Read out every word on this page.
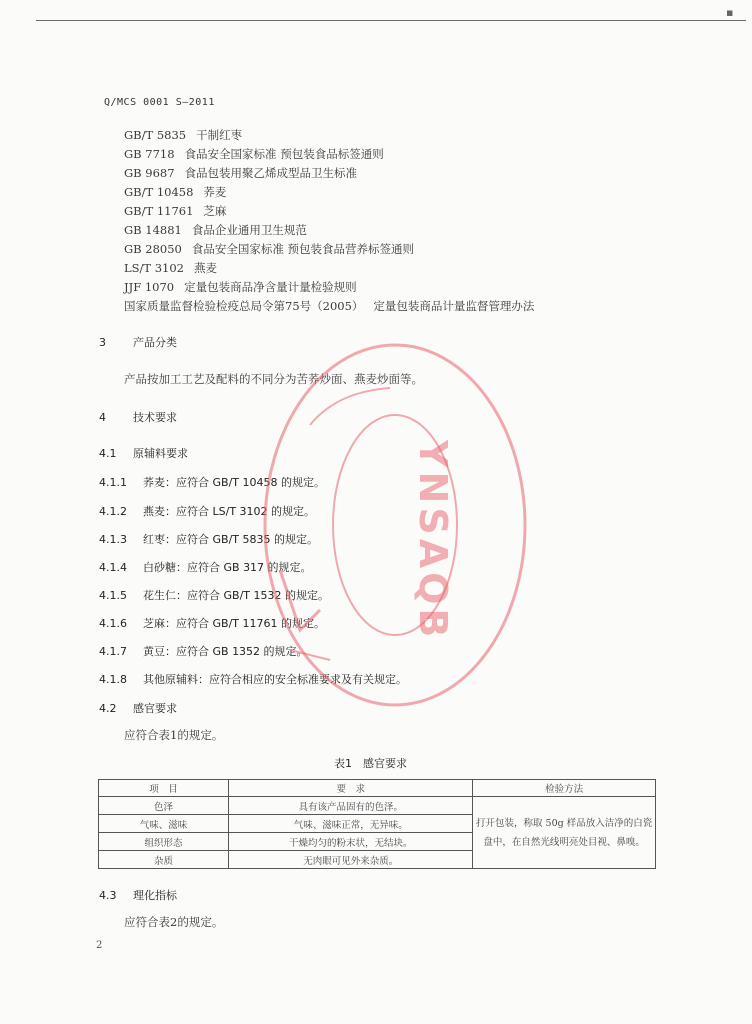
▪
Q/MCS 0001 S—2011
GB/T 5835 干制红枣
GB 7718 食品安全国家标准 预包装食品标签通则
GB 9687 食品包装用聚乙烯成型品卫生标准
GB/T 10458 荞麦
GB/T 11761 芝麻
GB 14881 食品企业通用卫生规范
GB 28050 食品安全国家标准 预包装食品营养标签通则
LS/T 3102 燕麦
JJF 1070 定量包装商品净含量计量检验规则
国家质量监督检验检疫总局令第75号（2005） 定量包装商品计量监督管理办法
3 产品分类
产品按加工工艺及配料的不同分为苦荞炒面、燕麦炒面等。
4 技术要求
4.1 原辅料要求
4.1.1 荞麦：应符合 GB/T 10458 的规定。
4.1.2 燕麦：应符合 LS/T 3102 的规定。
4.1.3 红枣：应符合 GB/T 5835 的规定。
4.1.4 白砂糖：应符合 GB 317 的规定。
4.1.5 花生仁：应符合 GB/T 1532 的规定。
4.1.6 芝麻：应符合 GB/T 11761 的规定。
4.1.7 黄豆：应符合 GB 1352 的规定。
4.1.8 其他原辅料：应符合相应的安全标准要求及有关规定。
4.2 感官要求
应符合表1的规定。
表1　感官要求
项　目	要　求	检验方法
色泽	具有该产品固有的色泽。	打开包装，称取 50g 样品放入洁净的白瓷盘中，在自然光线明亮处目视、鼻嗅。
气味、滋味	气味、滋味正常，无异味。	
组织形态	干燥均匀的粉末状，无结块。	
杂质	无肉眼可见外来杂质。	
4.3 理化指标
应符合表2的规定。
2
YNSAQB
